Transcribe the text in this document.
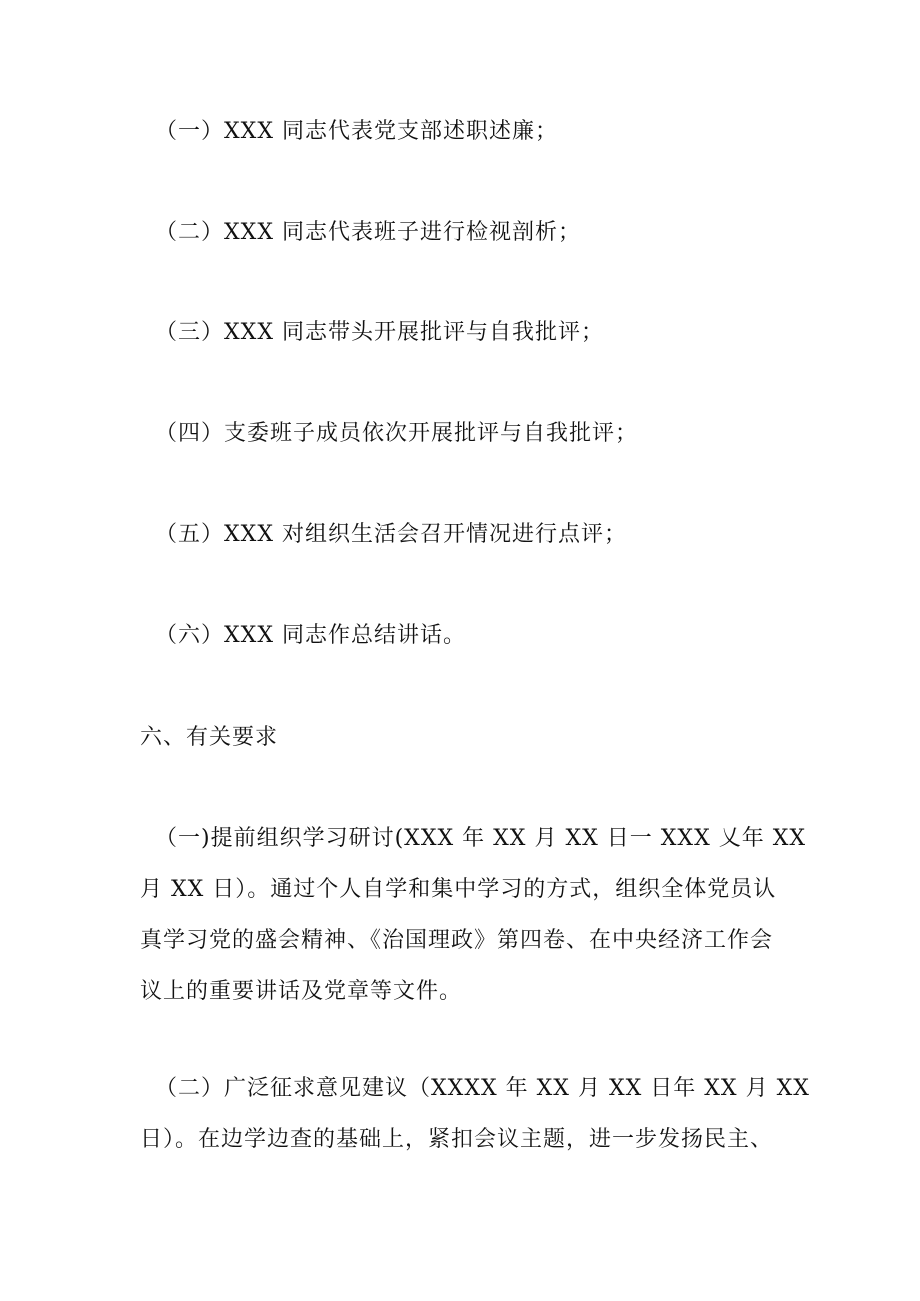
（一）XXX 同志代表党支部述职述廉；

（二）XXX 同志代表班子进行检视剖析；

（三）XXX 同志带头开展批评与自我批评；

（四）支委班子成员依次开展批评与自我批评；

（五）XXX 对组织生活会召开情况进行点评；

（六）XXX 同志作总结讲话。

六、有关要求

（一)提前组织学习研讨(XXX 年 XX 月 XX 日一 XXX 乂年 XX
月 XX 日）。通过个人自学和集中学习的方式，组织全体党员认
真学习党的盛会精神、《治国理政》第四卷、在中央经济工作会
议上的重要讲话及党章等文件。
（二）广泛征求意见建议（XXXX 年 XX 月 XX 日年 XX 月 XX
日）。在边学边查的基础上，紧扣会议主题，进一步发扬民主、
